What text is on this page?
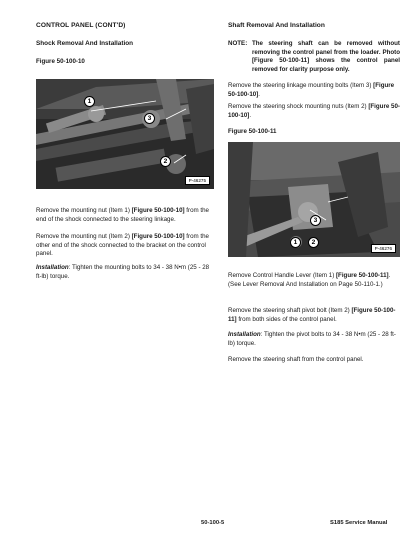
CONTROL PANEL (CONT'D)
Shock Removal And Installation
Figure 50-100-10
1
3
2
P-46275
Remove the mounting nut (Item 1) [Figure 50-100-10] from the end of the shock connected to the steering linkage.
Remove the mounting nut (Item 2) [Figure 50-100-10] from the other end of the shock connected to the bracket on the control panel.
Installation: Tighten the mounting bolts to 34 - 38 N•m (25 - 28 ft-lb) torque.
Shaft Removal And Installation
NOTE: The steering shaft can be removed without removing the control panel from the loader. Photo [Figure 50-100-11] shows the control panel removed for clarity purpose only.
Remove the steering linkage mounting bolts (Item 3) [Figure 50-100-10].
Remove the steering shock mounting nuts (Item 2) [Figure 50-100-10].
Figure 50-100-11
3
1	2
P-46276
Remove Control Handle Lever (Item 1) [Figure 50-100-11]. (See Lever Removal And Installation on Page 50-110-1.)
Remove the steering shaft pivot bolt (Item 2) [Figure 50-100-11] from both sides of the control panel.
Installation: Tighten the pivot bolts to 34 - 38 N•m (25 - 28 ft-lb) torque.
Remove the steering shaft from the control panel.
50-100-5	S185 Service Manual
